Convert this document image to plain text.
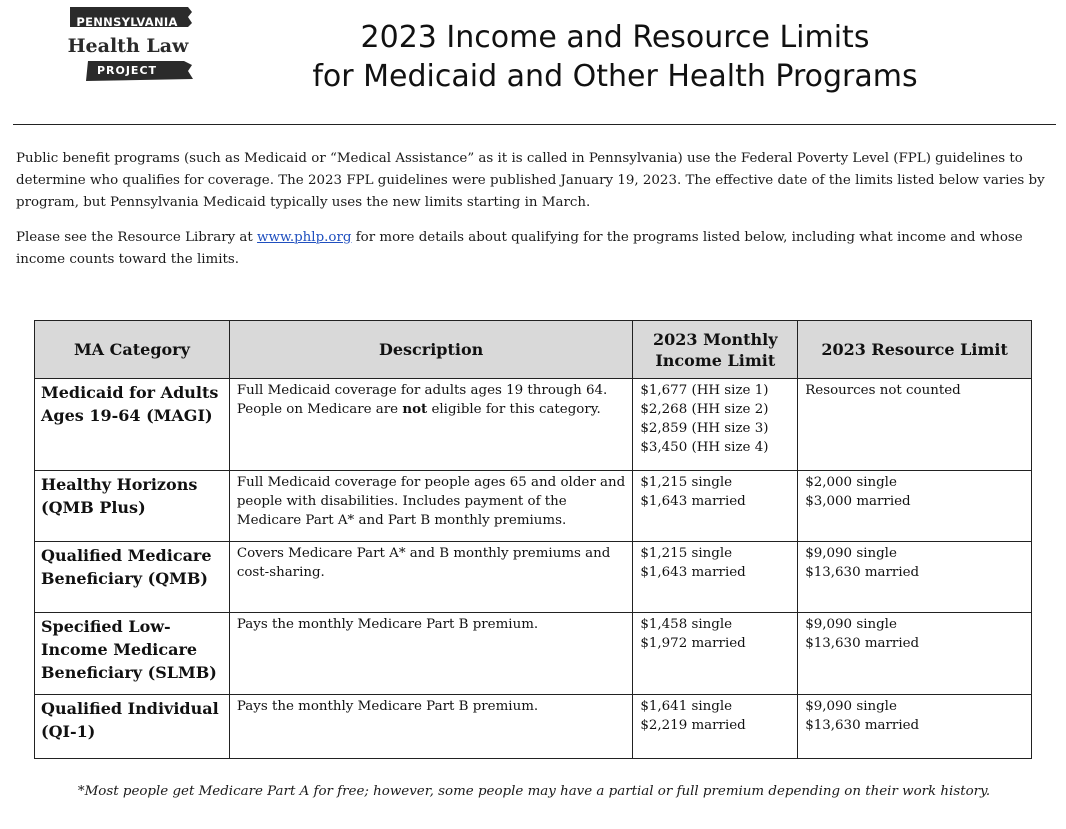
PENNSYLVANIA
Health Law
PROJECT
2023 Income and Resource Limits
for Medicaid and Other Health Programs

Public benefit programs (such as Medicaid or “Medical Assistance” as it is called in Pennsylvania) use the Federal Poverty Level (FPL) guidelines to determine who qualifies for coverage. The 2023 FPL guidelines were published January 19, 2023. The effective date of the limits listed below varies by program, but Pennsylvania Medicaid typically uses the new limits starting in March.

Please see the Resource Library at www.phlp.org for more details about qualifying for the programs listed below, including what income and whose income counts toward the limits.

MA Category	Description	2023 Monthly Income Limit	2023 Resource Limit

Medicaid for Adults
Ages 19-64 (MAGI)	Full Medicaid coverage for adults ages 19 through 64. People on Medicare are not eligible for this category.	$1,677 (HH size 1)
$2,268 (HH size 2)
$2,859 (HH size 3)
$3,450 (HH size 4)	Resources not counted

Healthy Horizons
(QMB Plus)	Full Medicaid coverage for people ages 65 and older and people with disabilities. Includes payment of the Medicare Part A* and Part B monthly premiums.	$1,215 single
$1,643 married	$2,000 single
$3,000 married

Qualified Medicare
Beneficiary (QMB)	Covers Medicare Part A* and B monthly premiums and cost-sharing.	$1,215 single
$1,643 married	$9,090 single
$13,630 married

Specified Low-
Income Medicare
Beneficiary (SLMB)	Pays the monthly Medicare Part B premium.	$1,458 single
$1,972 married	$9,090 single
$13,630 married

Qualified Individual
(QI-1)	Pays the monthly Medicare Part B premium.	$1,641 single
$2,219 married	$9,090 single
$13,630 married
*Most people get Medicare Part A for free; however, some people may have a partial or full premium depending on their work history.
